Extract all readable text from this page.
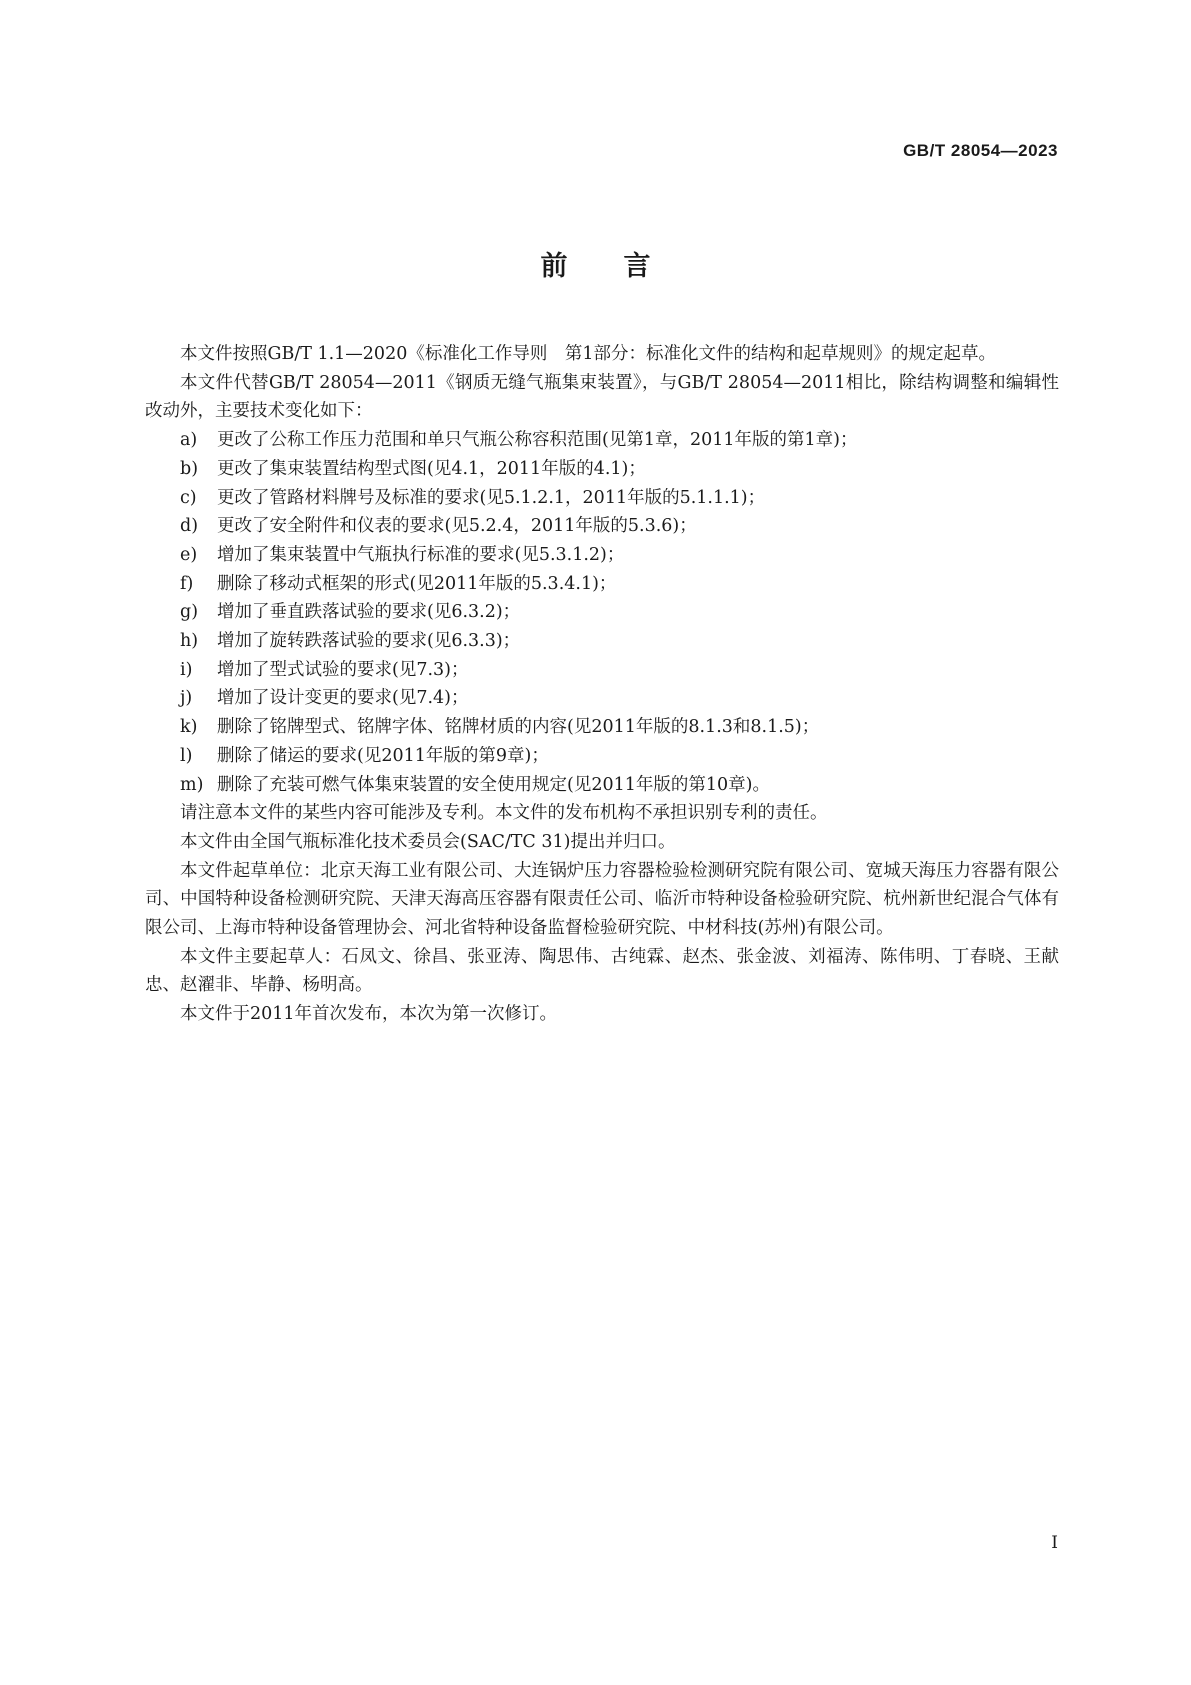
GB/T 28054—2023
前言

本文件按照GB/T 1.1—2020《标准化工作导则　第1部分：标准化文件的结构和起草规则》的规定起草。

本文件代替GB/T 28054—2011《钢质无缝气瓶集束装置》，与GB/T 28054—2011相比，除结构调整和编辑性改动外，主要技术变化如下：

a)	更改了公称工作压力范围和单只气瓶公称容积范围(见第1章，2011年版的第1章)；
b)	更改了集束装置结构型式图(见4.1，2011年版的4.1)；
c)	更改了管路材料牌号及标准的要求(见5.1.2.1，2011年版的5.1.1.1)；
d)	更改了安全附件和仪表的要求(见5.2.4，2011年版的5.3.6)；
e)	增加了集束装置中气瓶执行标准的要求(见5.3.1.2)；
f)	删除了移动式框架的形式(见2011年版的5.3.4.1)；
g)	增加了垂直跌落试验的要求(见6.3.2)；
h)	增加了旋转跌落试验的要求(见6.3.3)；
i)	增加了型式试验的要求(见7.3)；
j)	增加了设计变更的要求(见7.4)；
k)	删除了铭牌型式、铭牌字体、铭牌材质的内容(见2011年版的8.1.3和8.1.5)；
l)	删除了储运的要求(见2011年版的第9章)；
m) 删除了充装可燃气体集束装置的安全使用规定(见2011年版的第10章)。

请注意本文件的某些内容可能涉及专利。本文件的发布机构不承担识别专利的责任。

本文件由全国气瓶标准化技术委员会(SAC/TC 31)提出并归口。

本文件起草单位：北京天海工业有限公司、大连锅炉压力容器检验检测研究院有限公司、宽城天海压力容器有限公司、中国特种设备检测研究院、天津天海高压容器有限责任公司、临沂市特种设备检验研究院、杭州新世纪混合气体有限公司、上海市特种设备管理协会、河北省特种设备监督检验研究院、中材科技(苏州)有限公司。

本文件主要起草人：石凤文、徐昌、张亚涛、陶思伟、古纯霖、赵杰、张金波、刘福涛、陈伟明、丁春晓、王献忠、赵濯非、毕静、杨明高。

本文件于2011年首次发布，本次为第一次修订。

I
